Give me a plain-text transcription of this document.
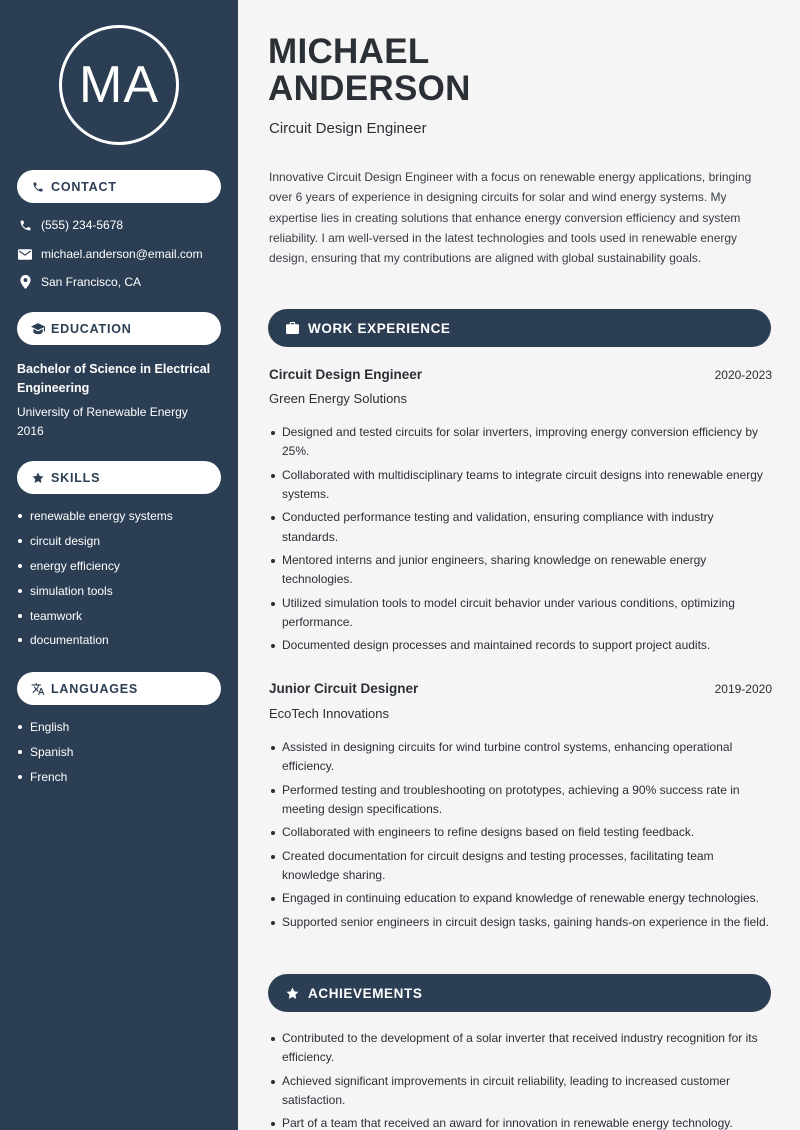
MA
CONTACT
(555) 234-5678
michael.anderson@email.com
San Francisco, CA
EDUCATION
Bachelor of Science in Electrical Engineering
University of Renewable Energy
2016
SKILLS
renewable energy systems
circuit design
energy efficiency
simulation tools
teamwork
documentation
LANGUAGES
English
Spanish
French
MICHAEL
ANDERSON
Circuit Design Engineer

Innovative Circuit Design Engineer with a focus on renewable energy applications, bringing over 6 years of experience in designing circuits for solar and wind energy systems. My expertise lies in creating solutions that enhance energy conversion efficiency and system reliability. I am well-versed in the latest technologies and tools used in renewable energy design, ensuring that my contributions are aligned with global sustainability goals.

WORK EXPERIENCE
Circuit Design Engineer	2020-2023
Green Energy Solutions
Designed and tested circuits for solar inverters, improving energy conversion efficiency by 25%.
Collaborated with multidisciplinary teams to integrate circuit designs into renewable energy systems.
Conducted performance testing and validation, ensuring compliance with industry standards.
Mentored interns and junior engineers, sharing knowledge on renewable energy technologies.
Utilized simulation tools to model circuit behavior under various conditions, optimizing performance.
Documented design processes and maintained records to support project audits.
Junior Circuit Designer	2019-2020
EcoTech Innovations
Assisted in designing circuits for wind turbine control systems, enhancing operational efficiency.
Performed testing and troubleshooting on prototypes, achieving a 90% success rate in meeting design specifications.
Collaborated with engineers to refine designs based on field testing feedback.
Created documentation for circuit designs and testing processes, facilitating team knowledge sharing.
Engaged in continuing education to expand knowledge of renewable energy technologies.
Supported senior engineers in circuit design tasks, gaining hands-on experience in the field.
ACHIEVEMENTS
Contributed to the development of a solar inverter that received industry recognition for its efficiency.
Achieved significant improvements in circuit reliability, leading to increased customer satisfaction.
Part of a team that received an award for innovation in renewable energy technology.
